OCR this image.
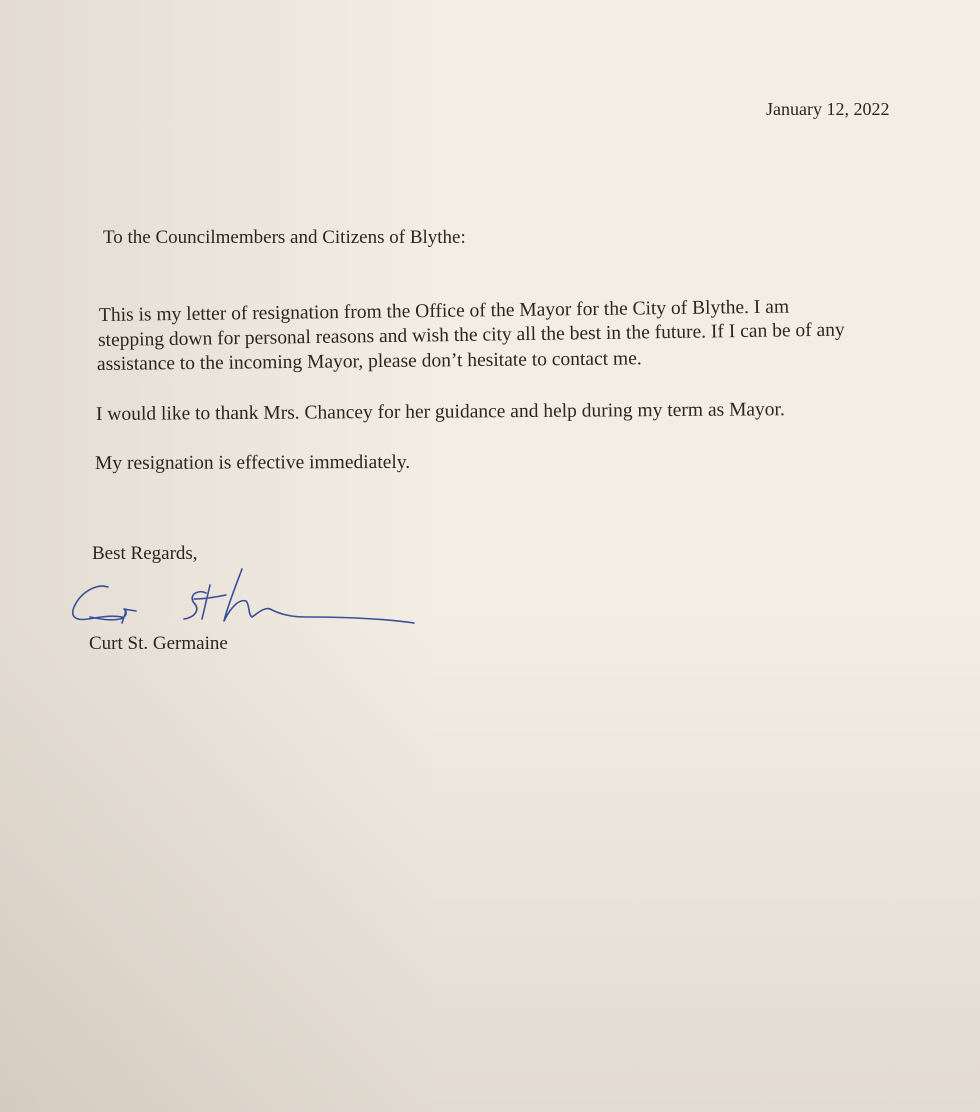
January 12, 2022
To the Councilmembers and Citizens of Blythe:
This is my letter of resignation from the Office of the Mayor for the City of Blythe. I am
stepping down for personal reasons and wish the city all the best in the future. If I can be of any
assistance to the incoming Mayor, please don’t hesitate to contact me.
I would like to thank Mrs. Chancey for her guidance and help during my term as Mayor.
My resignation is effective immediately.
Best Regards,
Curt St. Germaine
